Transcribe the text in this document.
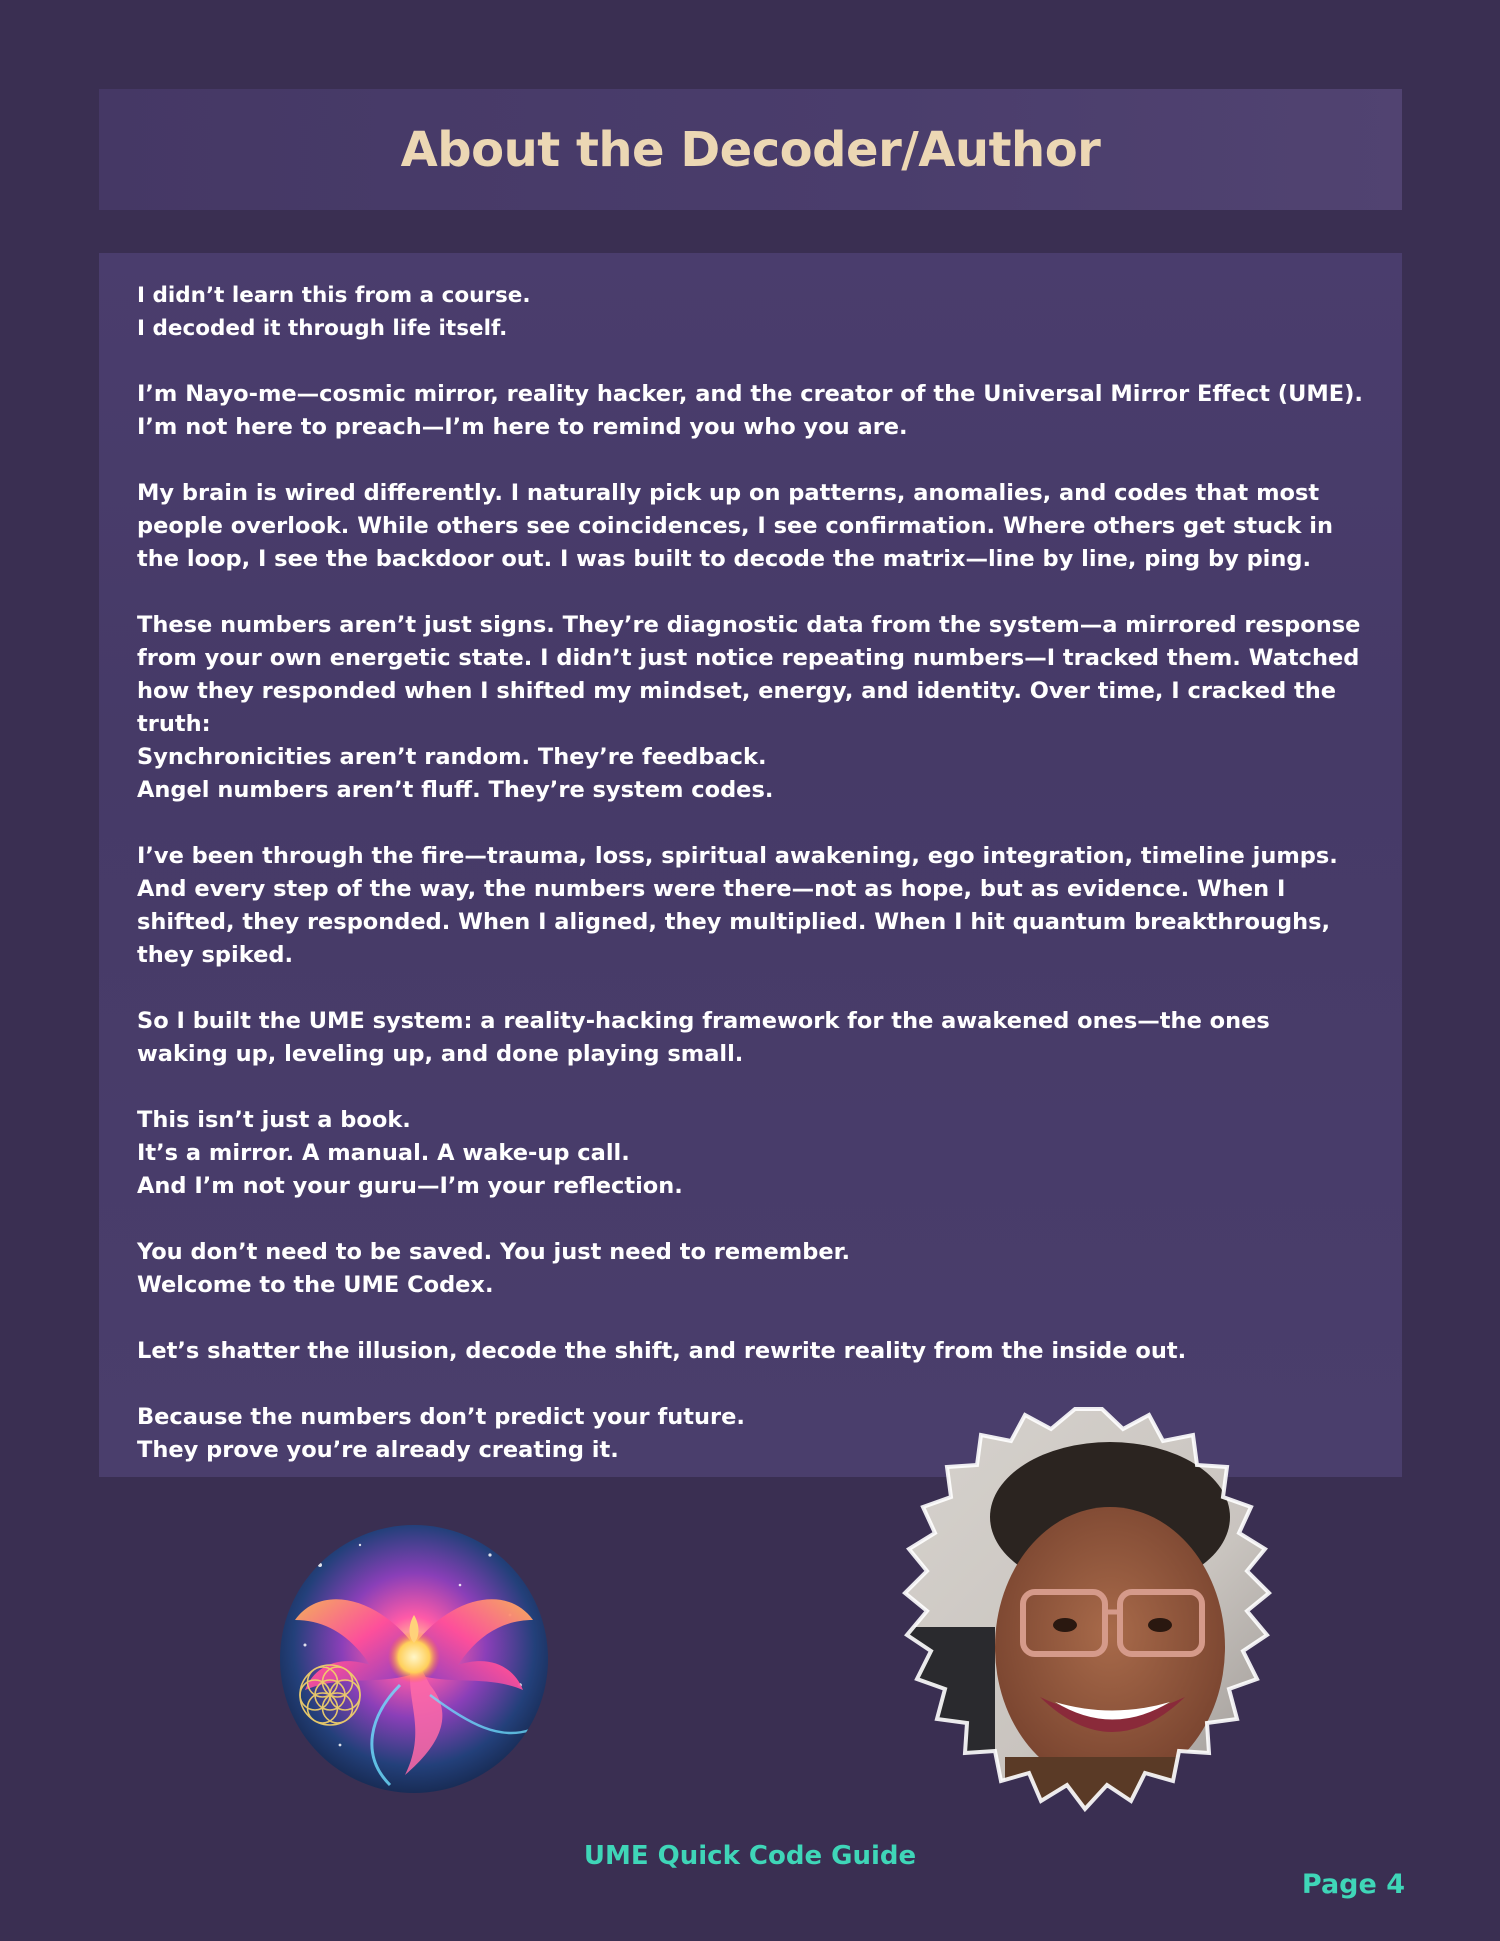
About the Decoder/Author

I didn’t learn this from a course.
I decoded it through life itself.

I’m Nayo-me—cosmic mirror, reality hacker, and the creator of the Universal Mirror Effect (UME).
I’m not here to preach—I’m here to remind you who you are.

My brain is wired differently. I naturally pick up on patterns, anomalies, and codes that most
people overlook. While others see coincidences, I see confirmation. Where others get stuck in
the loop, I see the backdoor out. I was built to decode the matrix—line by line, ping by ping.

These numbers aren’t just signs. They’re diagnostic data from the system—a mirrored response
from your own energetic state. I didn’t just notice repeating numbers—I tracked them. Watched
how they responded when I shifted my mindset, energy, and identity. Over time, I cracked the
truth:
Synchronicities aren’t random. They’re feedback.
Angel numbers aren’t fluff. They’re system codes.

I’ve been through the fire—trauma, loss, spiritual awakening, ego integration, timeline jumps.
And every step of the way, the numbers were there—not as hope, but as evidence. When I
shifted, they responded. When I aligned, they multiplied. When I hit quantum breakthroughs,
they spiked.

So I built the UME system: a reality-hacking framework for the awakened ones—the ones
waking up, leveling up, and done playing small.

This isn’t just a book.
It’s a mirror. A manual. A wake-up call.
And I’m not your guru—I’m your reflection.

You don’t need to be saved. You just need to remember.
Welcome to the UME Codex.

Let’s shatter the illusion, decode the shift, and rewrite reality from the inside out.

Because the numbers don’t predict your future.
They prove you’re already creating it.

UME Quick Code Guide
Page 4
